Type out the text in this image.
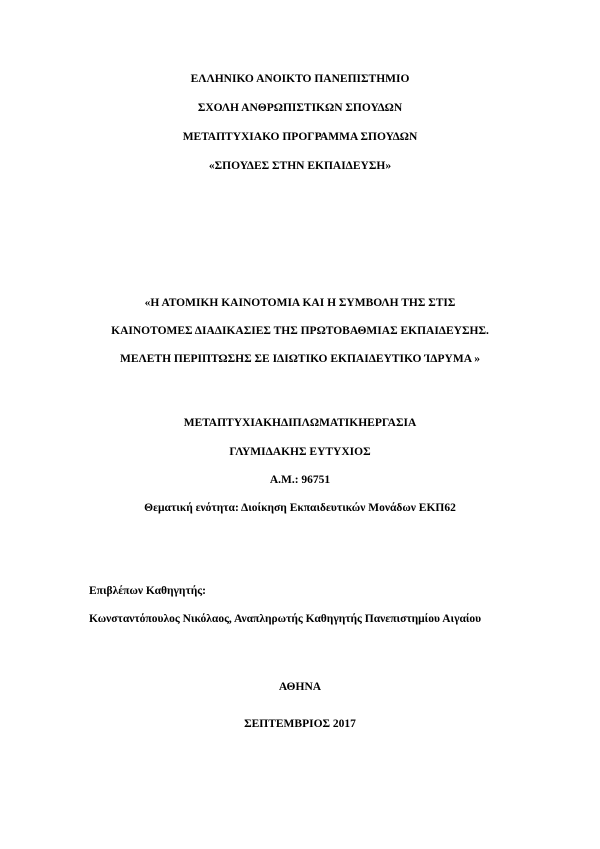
ΕΛΛΗΝΙΚΟ ΑΝΟΙΚΤΟ ΠΑΝΕΠΙΣΤΗΜΙΟ
ΣΧΟΛΗ ΑΝΘΡΩΠΙΣΤΙΚΩΝ ΣΠΟΥΔΩΝ
ΜΕΤΑΠΤΥΧΙΑΚΟ ΠΡΟΓΡΑΜΜΑ ΣΠΟΥΔΩΝ
«ΣΠΟΥΔΕΣ ΣΤΗΝ ΕΚΠΑΙΔΕΥΣΗ»
«Η ΑΤΟΜΙΚΗ ΚΑΙΝΟΤΟΜΙΑ ΚΑΙ Η ΣΥΜΒΟΛΗ ΤΗΣ ΣΤΙΣ
ΚΑΙΝΟΤΟΜΕΣ ΔΙΑΔΙΚΑΣΙΕΣ ΤΗΣ ΠΡΩΤΟΒΑΘΜΙΑΣ ΕΚΠΑΙΔΕΥΣΗΣ.
ΜΕΛΕΤΗ ΠΕΡΙΠΤΩΣΗΣ ΣΕ ΙΔΙΩΤΙΚΟ ΕΚΠΑΙΔΕΥΤΙΚΟ ΊΔΡΥΜΑ »
ΜΕΤΑΠΤΥΧΙΑΚΗΔΙΠΛΩΜΑΤΙΚΗΕΡΓΑΣΙΑ
ΓΛΥΜΙΔΑΚΗΣ ΕΥΤΥΧΙΟΣ
Α.Μ.: 96751
Θεματική ενότητα: Διοίκηση Εκπαιδευτικών Μονάδων ΕΚΠ62
Επιβλέπων Καθηγητής:
Κωνσταντόπουλος Νικόλαος, Αναπληρωτής Καθηγητής Πανεπιστημίου Αιγαίου
ΑΘΗΝΑ
ΣΕΠΤΕΜΒΡΙΟΣ 2017
